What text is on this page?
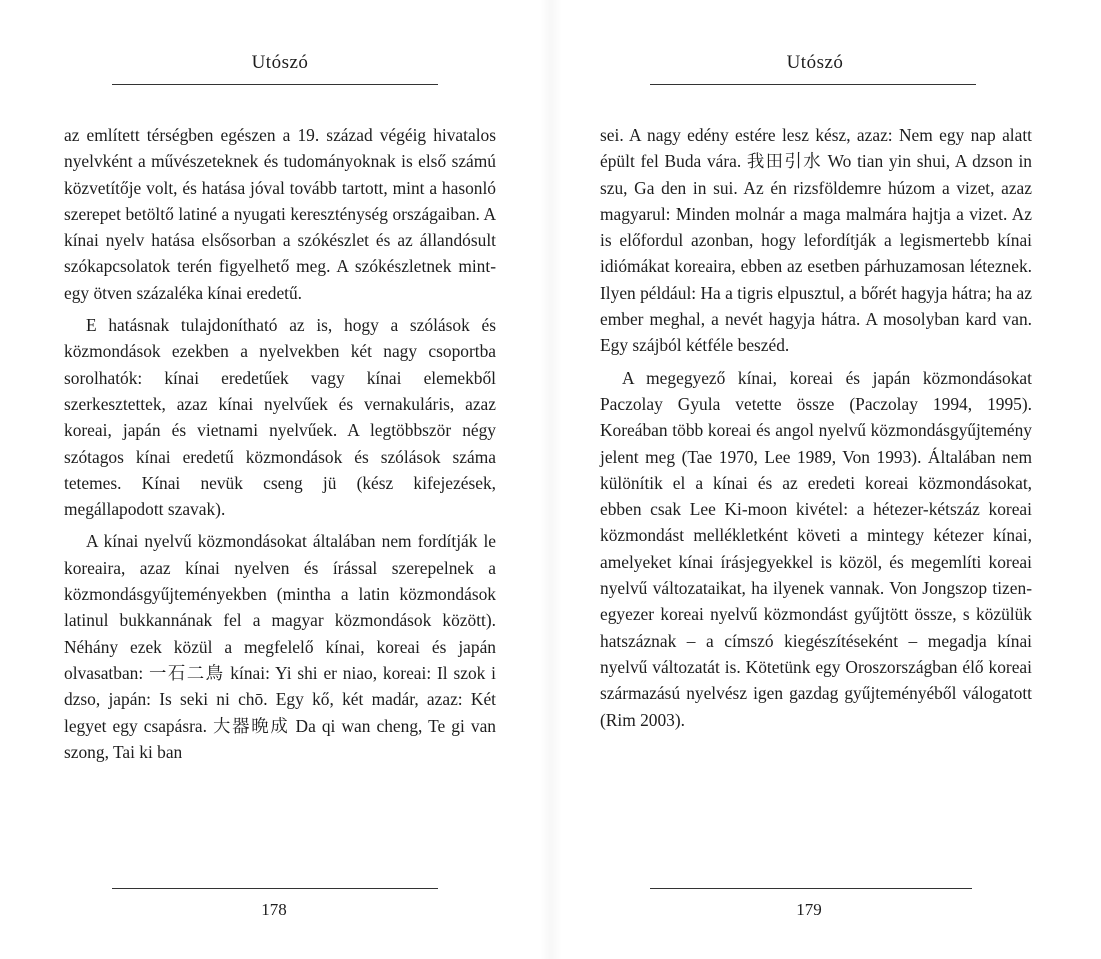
Utószó

az említett térségben egészen a 19. század végéig hivatalos nyelvként a művészeteknek és tudományoknak is első számú közvetítője volt, és hatása jóval tovább tartott, mint a hasonló szerepet betöltő latiné a nyugati kereszténység országaiban. A kínai nyelv hatása elsősorban a szókészlet és az állandósult szókapcsolatok terén figyelhető meg. A szókészletnek mintegy ötven százaléka kínai eredetű.

E hatásnak tulajdonítható az is, hogy a szólások és közmondások ezekben a nyelvekben két nagy csoportba sorolhatók: kínai eredetűek vagy kínai elemekből szerkesztettek, azaz kínai nyelvűek és vernakuláris, azaz koreai, japán és vietnami nyelvűek. A legtöbbször négy szótagos kínai eredetű közmondások és szólások száma tetemes. Kínai nevük cseng jü (kész kifejezések, megállapodott szavak).

A kínai nyelvű közmondásokat általában nem fordítják le koreaira, azaz kínai nyelven és írással szerepelnek a közmondásgyűjteményekben (mintha a latin közmondások latinul bukkannának fel a magyar közmondások között). Néhány ezek közül a megfelelő kínai, koreai és japán olvasatban: 一石二鳥 kínai: Yi shi er niao, koreai: Il szok i dzso, japán: Is seki ni chō. Egy kő, két madár, azaz: Két legyet egy csapásra. 大器晩成 Da qi wan cheng, Te gi van szong, Tai ki ban

178
Utószó

sei. A nagy edény estére lesz kész, azaz: Nem egy nap alatt épült fel Buda vára. 我田引水 Wo tian yin shui, A dzson in szu, Ga den in sui. Az én rizsföldemre húzom a vizet, azaz magyarul: Minden molnár a maga malmára hajtja a vizet. Az is előfordul azonban, hogy lefordítják a legismertebb kínai idiómákat koreaira, ebben az esetben párhuzamosan léteznek. Ilyen például: Ha a tigris elpusztul, a bőrét hagyja hátra; ha az ember meghal, a nevét hagyja hátra. A mosolyban kard van. Egy szájból kétféle beszéd.

A megegyező kínai, koreai és japán közmondásokat Paczolay Gyula vetette össze (Paczolay 1994, 1995). Koreában több koreai és angol nyelvű közmondásgyűjtemény jelent meg (Tae 1970, Lee 1989, Von 1993). Általában nem különítik el a kínai és az eredeti koreai közmondásokat, ebben csak Lee Ki-moon kivétel: a hétezer-kétszáz koreai közmondást mellékletként követi a mintegy kétezer kínai, amelyeket kínai írásjegyekkel is közöl, és megemlíti koreai nyelvű változataikat, ha ilyenek vannak. Von Jongszop tizenegyezer koreai nyelvű közmondást gyűjtött össze, s közülük hatszáznak – a címszó kiegészítéseként – megadja kínai nyelvű változatát is. Kötetünk egy Oroszországban élő koreai származású nyelvész igen gazdag gyűjteményéből válogatott (Rim 2003).

179
